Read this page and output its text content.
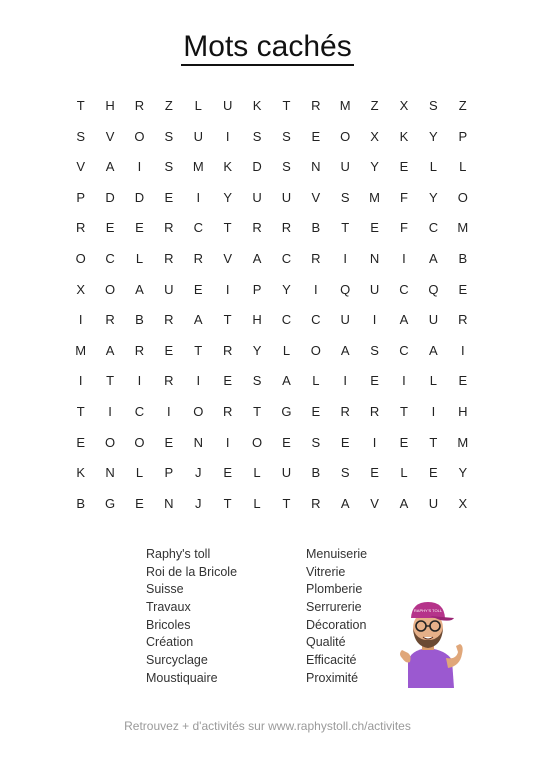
Mots cachés
T	H	R	Z	L	U	K	T	R	M	Z	X	S	Z
S	V	O	S	U	I	S	S	E	O	X	K	Y	P
V	A	I	S	M	K	D	S	N	U	Y	E	L	L
P	D	D	E	I	Y	U	U	V	S	M	F	Y	O
R	E	E	R	C	T	R	R	B	T	E	F	C	M
O	C	L	R	R	V	A	C	R	I	N	I	A	B
X	O	A	U	E	I	P	Y	I	Q	U	C	Q	E
I	R	B	R	A	T	H	C	C	U	I	A	U	R
M	A	R	E	T	R	Y	L	O	A	S	C	A	I
I	T	I	R	I	E	S	A	L	I	E	I	L	E
T	I	C	I	O	R	T	G	E	R	R	T	I	H
E	O	O	E	N	I	O	E	S	E	I	E	T	M
K	N	L	P	J	E	L	U	B	S	E	L	E	Y
B	G	E	N	J	T	L	T	R	A	V	A	U	X
Raphy's toll
Roi de la Bricole
Suisse
Travaux
Bricoles
Création
Surcyclage
Moustiquaire
Menuiserie
Vitrerie
Plomberie
Serrurerie
Décoration
Qualité
Efficacité
Proximité
RAPHY'S TOLL
Retrouvez + d'activités sur www.raphystoll.ch/activites
